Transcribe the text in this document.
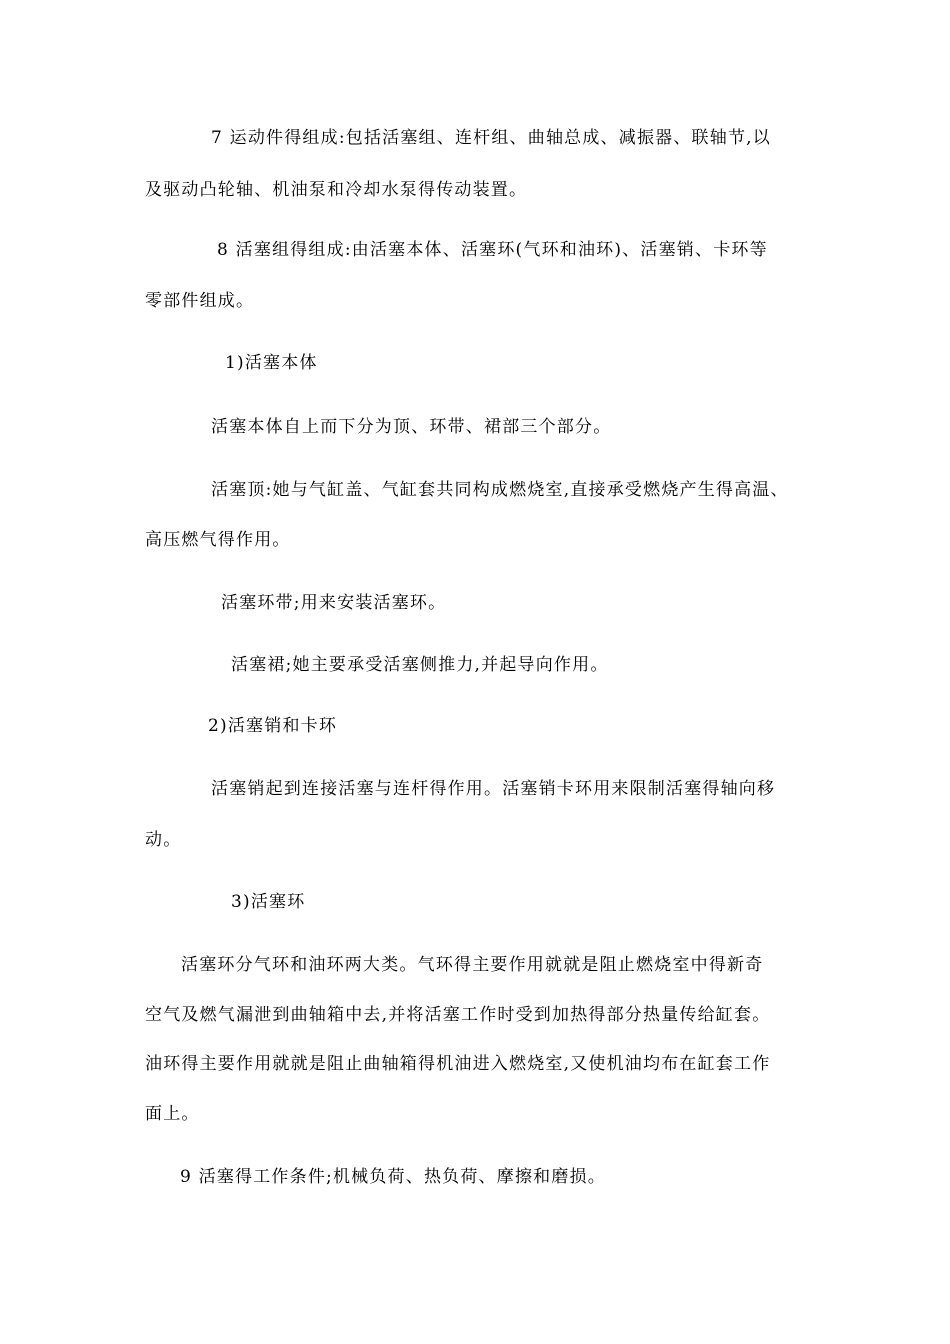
7 运动件得组成:包括活塞组、连杆组、曲轴总成、减振器、联轴节,以
及驱动凸轮轴、机油泵和冷却水泵得传动装置。
8 活塞组得组成:由活塞本体、活塞环(气环和油环)、活塞销、卡环等
零部件组成。
1)活塞本体
活塞本体自上而下分为顶、环带、裙部三个部分。
活塞顶:她与气缸盖、气缸套共同构成燃烧室,直接承受燃烧产生得高温、
高压燃气得作用。
活塞环带;用来安装活塞环。
活塞裙;她主要承受活塞侧推力,并起导向作用。
2)活塞销和卡环
活塞销起到连接活塞与连杆得作用。活塞销卡环用来限制活塞得轴向移
动。
3)活塞环
活塞环分气环和油环两大类。气环得主要作用就就是阻止燃烧室中得新奇
空气及燃气漏泄到曲轴箱中去,并将活塞工作时受到加热得部分热量传给缸套。
油环得主要作用就就是阻止曲轴箱得机油进入燃烧室,又使机油均布在缸套工作
面上。
9 活塞得工作条件;机械负荷、热负荷、摩擦和磨损。
